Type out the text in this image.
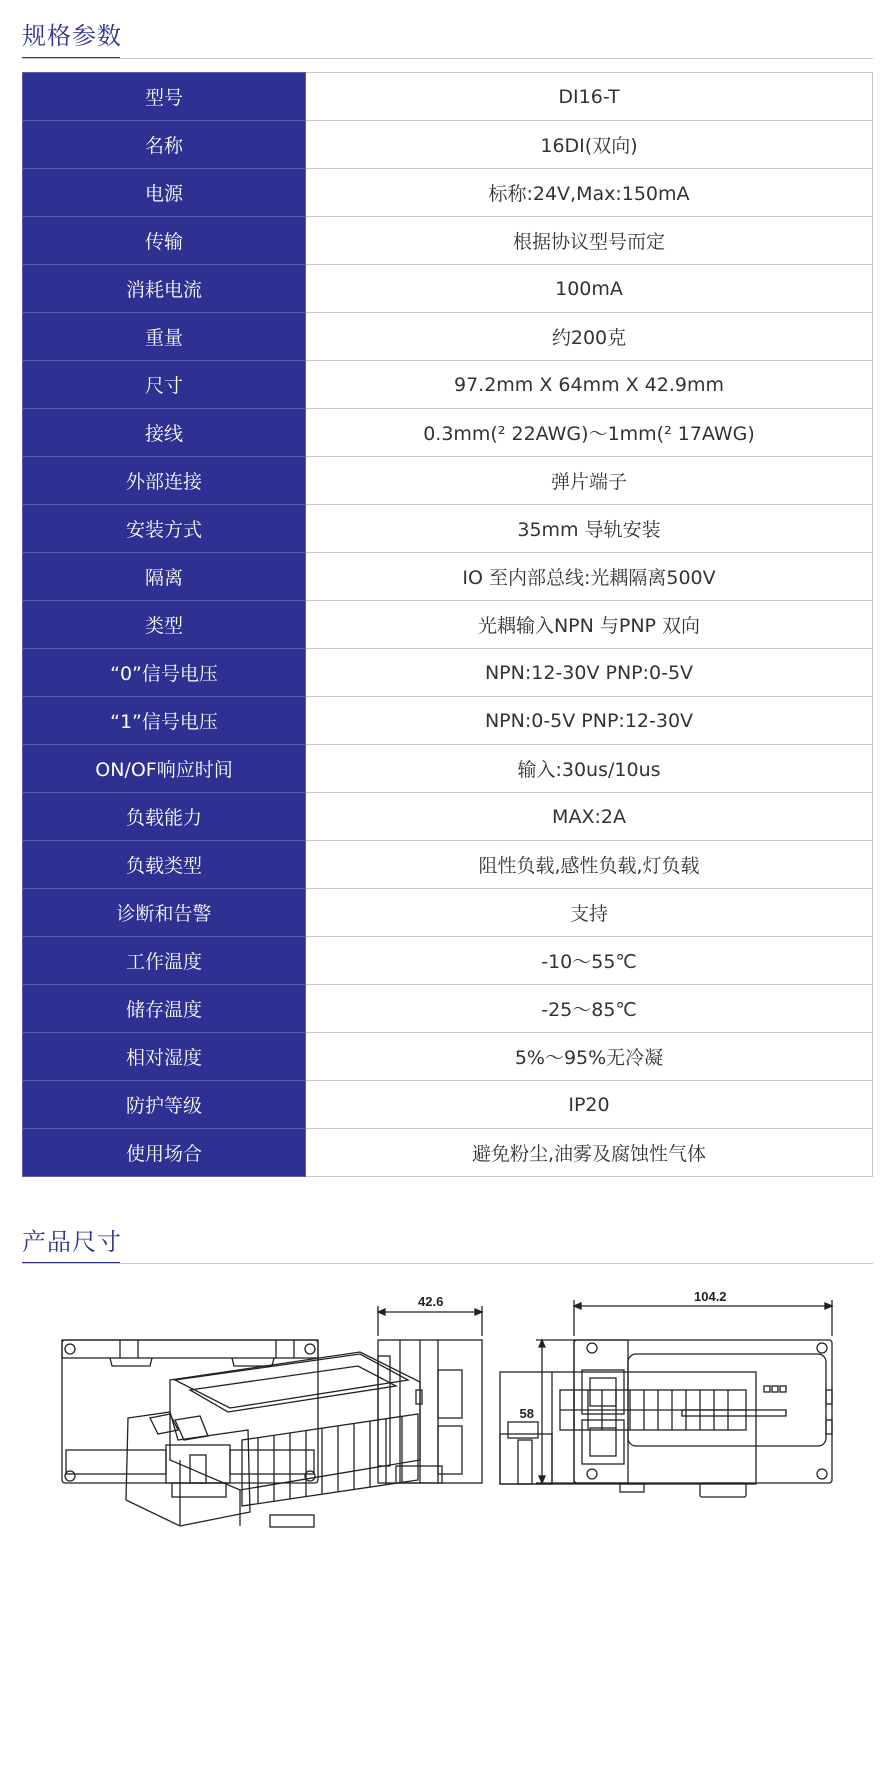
规格参数
型号	DI16-T
名称	16DI(双向)
电源	标称:24V,Max:150mA
传输	根据协议型号而定
消耗电流	100mA
重量	约200克
尺寸	97.2mm X 64mm X 42.9mm
接线	0.3mm(² 22AWG)～1mm(² 17AWG)
外部连接	弹片端子
安装方式	35mm 导轨安装
隔离	IO 至内部总线:光耦隔离500V
类型	光耦输入NPN 与PNP 双向
“0”信号电压	NPN:12-30V PNP:0-5V
“1”信号电压	NPN:0-5V PNP:12-30V
ON/OF响应时间	输入:30us/10us
负载能力	MAX:2A
负载类型	阻性负载,感性负载,灯负载
诊断和告警	支持
工作温度	-10～55℃
储存温度	-25～85℃
相对湿度	5%～95%无冷凝
防护等级	IP20
使用场合	避免粉尘,油雾及腐蚀性气体
产品尺寸
42.6	104.2
58
